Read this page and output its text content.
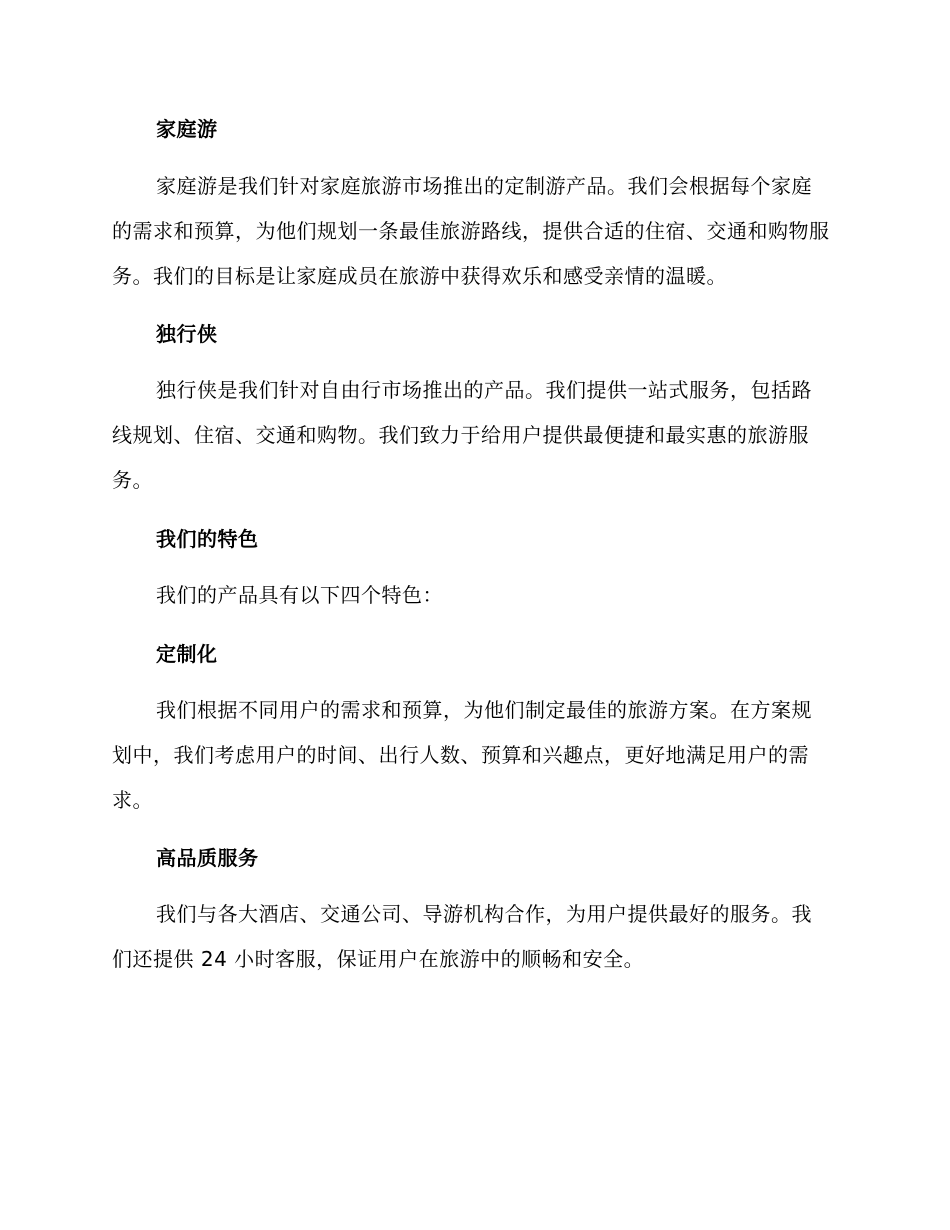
家庭游

家庭游是我们针对家庭旅游市场推出的定制游产品。我们会根据每个家庭的需求和预算，为他们规划一条最佳旅游路线，提供合适的住宿、交通和购物服务。我们的目标是让家庭成员在旅游中获得欢乐和感受亲情的温暖。

独行侠

独行侠是我们针对自由行市场推出的产品。我们提供一站式服务，包括路线规划、住宿、交通和购物。我们致力于给用户提供最便捷和最实惠的旅游服务。

我们的特色

我们的产品具有以下四个特色：

定制化

我们根据不同用户的需求和预算，为他们制定最佳的旅游方案。在方案规划中，我们考虑用户的时间、出行人数、预算和兴趣点，更好地满足用户的需求。

高品质服务

我们与各大酒店、交通公司、导游机构合作，为用户提供最好的服务。我们还提供 24 小时客服，保证用户在旅游中的顺畅和安全。
